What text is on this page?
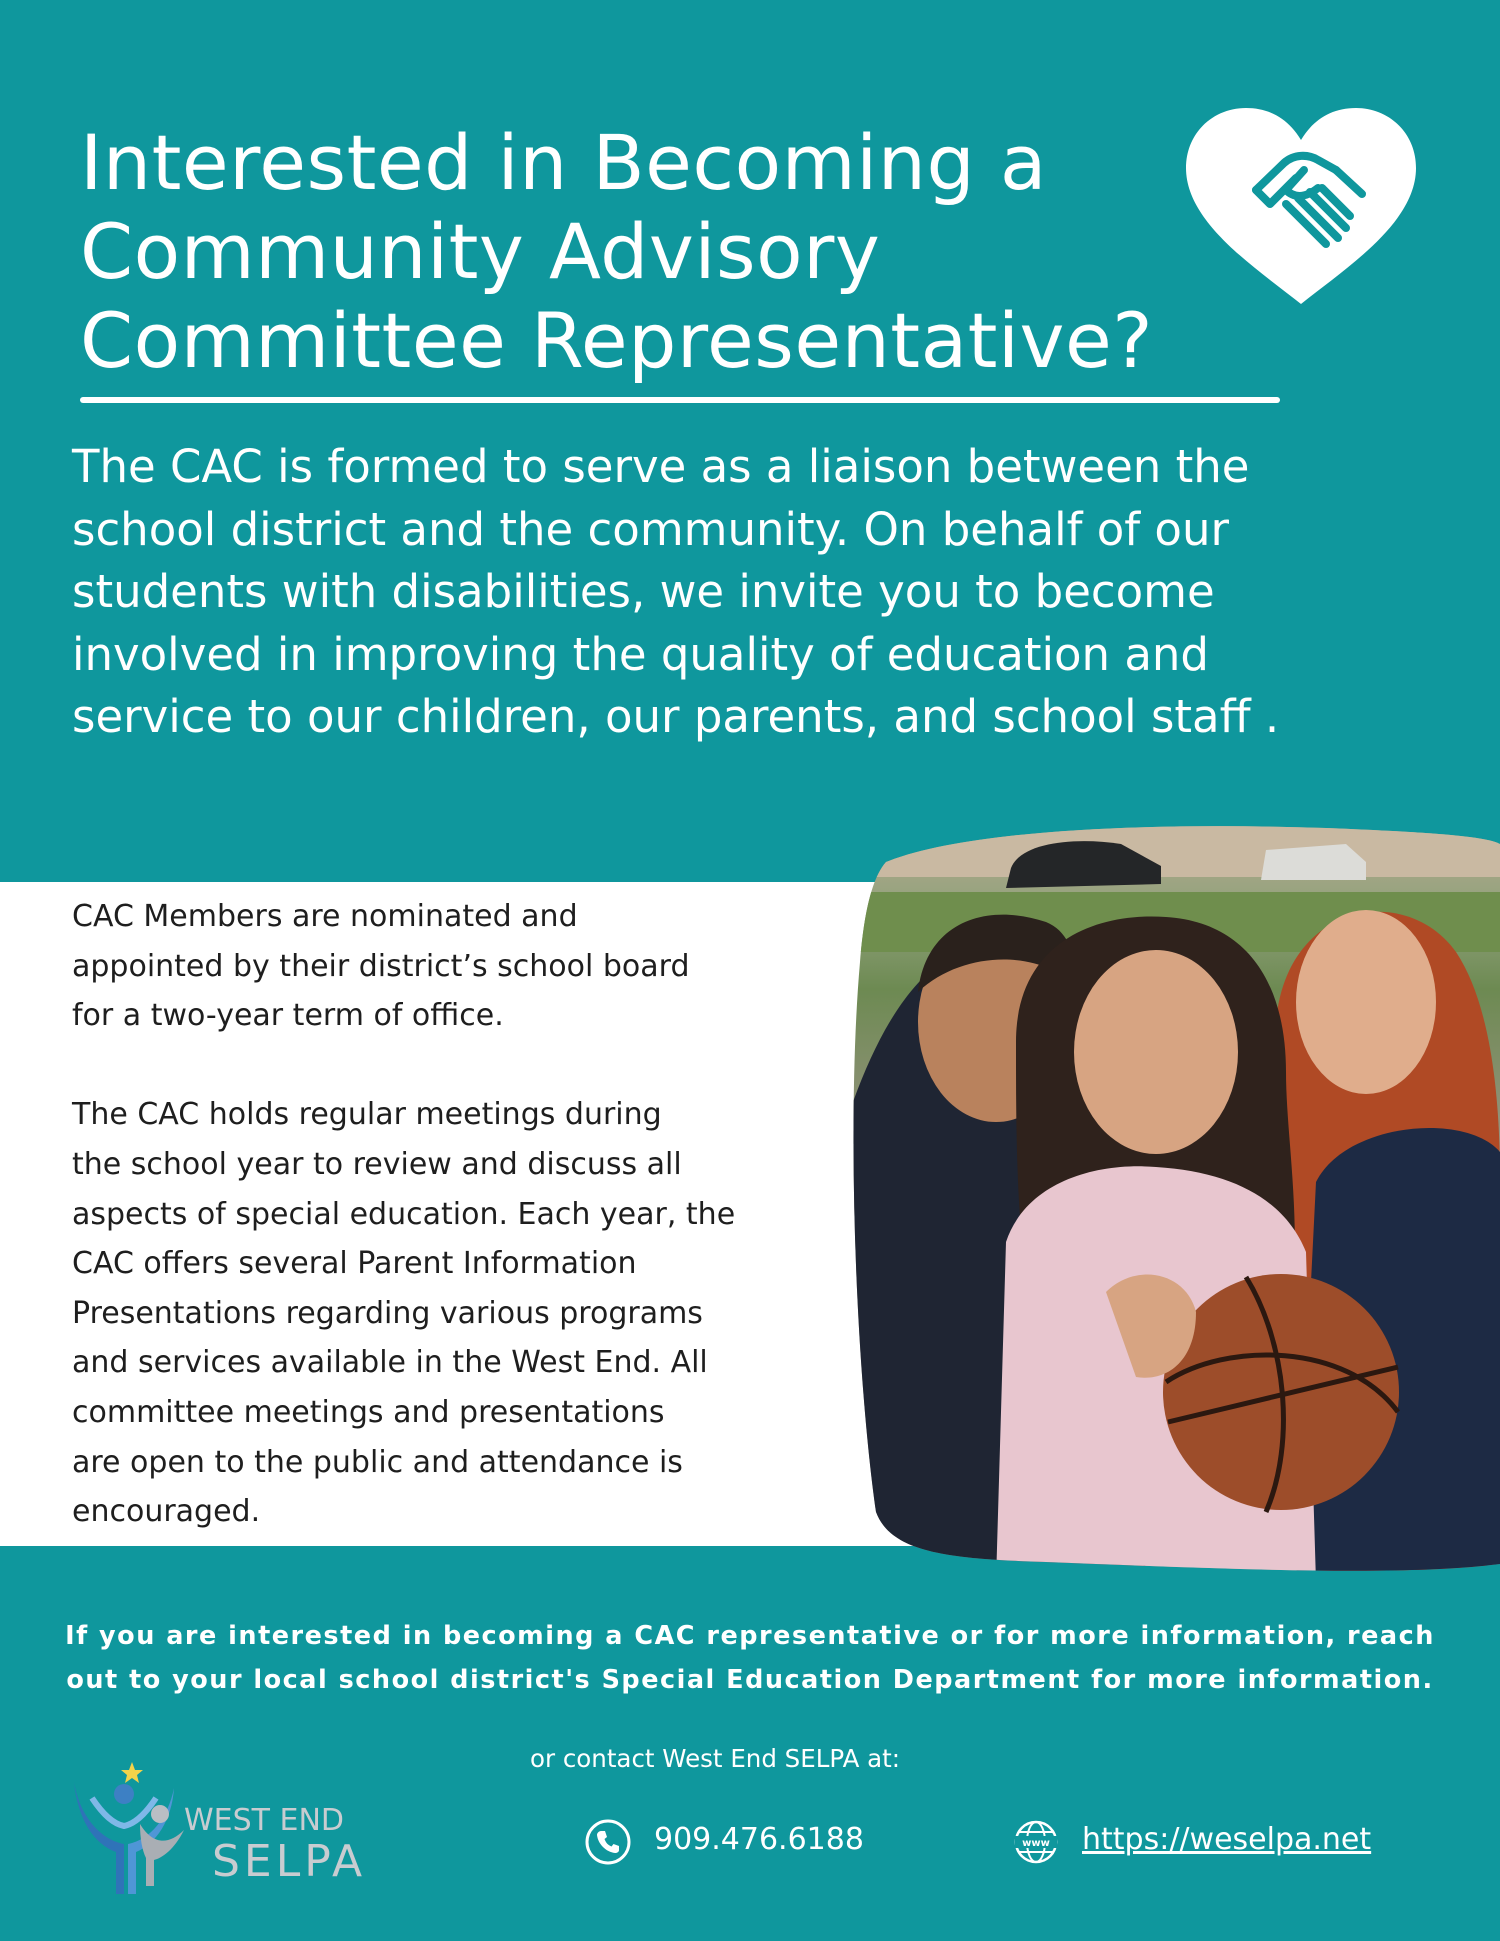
Interested in Becoming a
Community Advisory
Committee Representative?

The CAC is formed to serve as a liaison between the
school district and the community. On behalf of our
students with disabilities, we invite you to become
involved in improving the quality of education and
service to our children, our parents, and school staff .

CAC Members are nominated and
appointed by their district’s school board
for a two-year term of office.

The CAC holds regular meetings during
the school year to review and discuss all
aspects of special education. Each year, the
CAC offers several Parent Information
Presentations regarding various programs
and services available in the West End. All
committee meetings and presentations
are open to the public and attendance is
encouraged.

If you are interested in becoming a CAC representative or for more information, reach
out to your local school district's Special Education Department for more information.

or contact West End SELPA at:

WEST END
SELPA	909.476.6188	www https://weselpa.net
